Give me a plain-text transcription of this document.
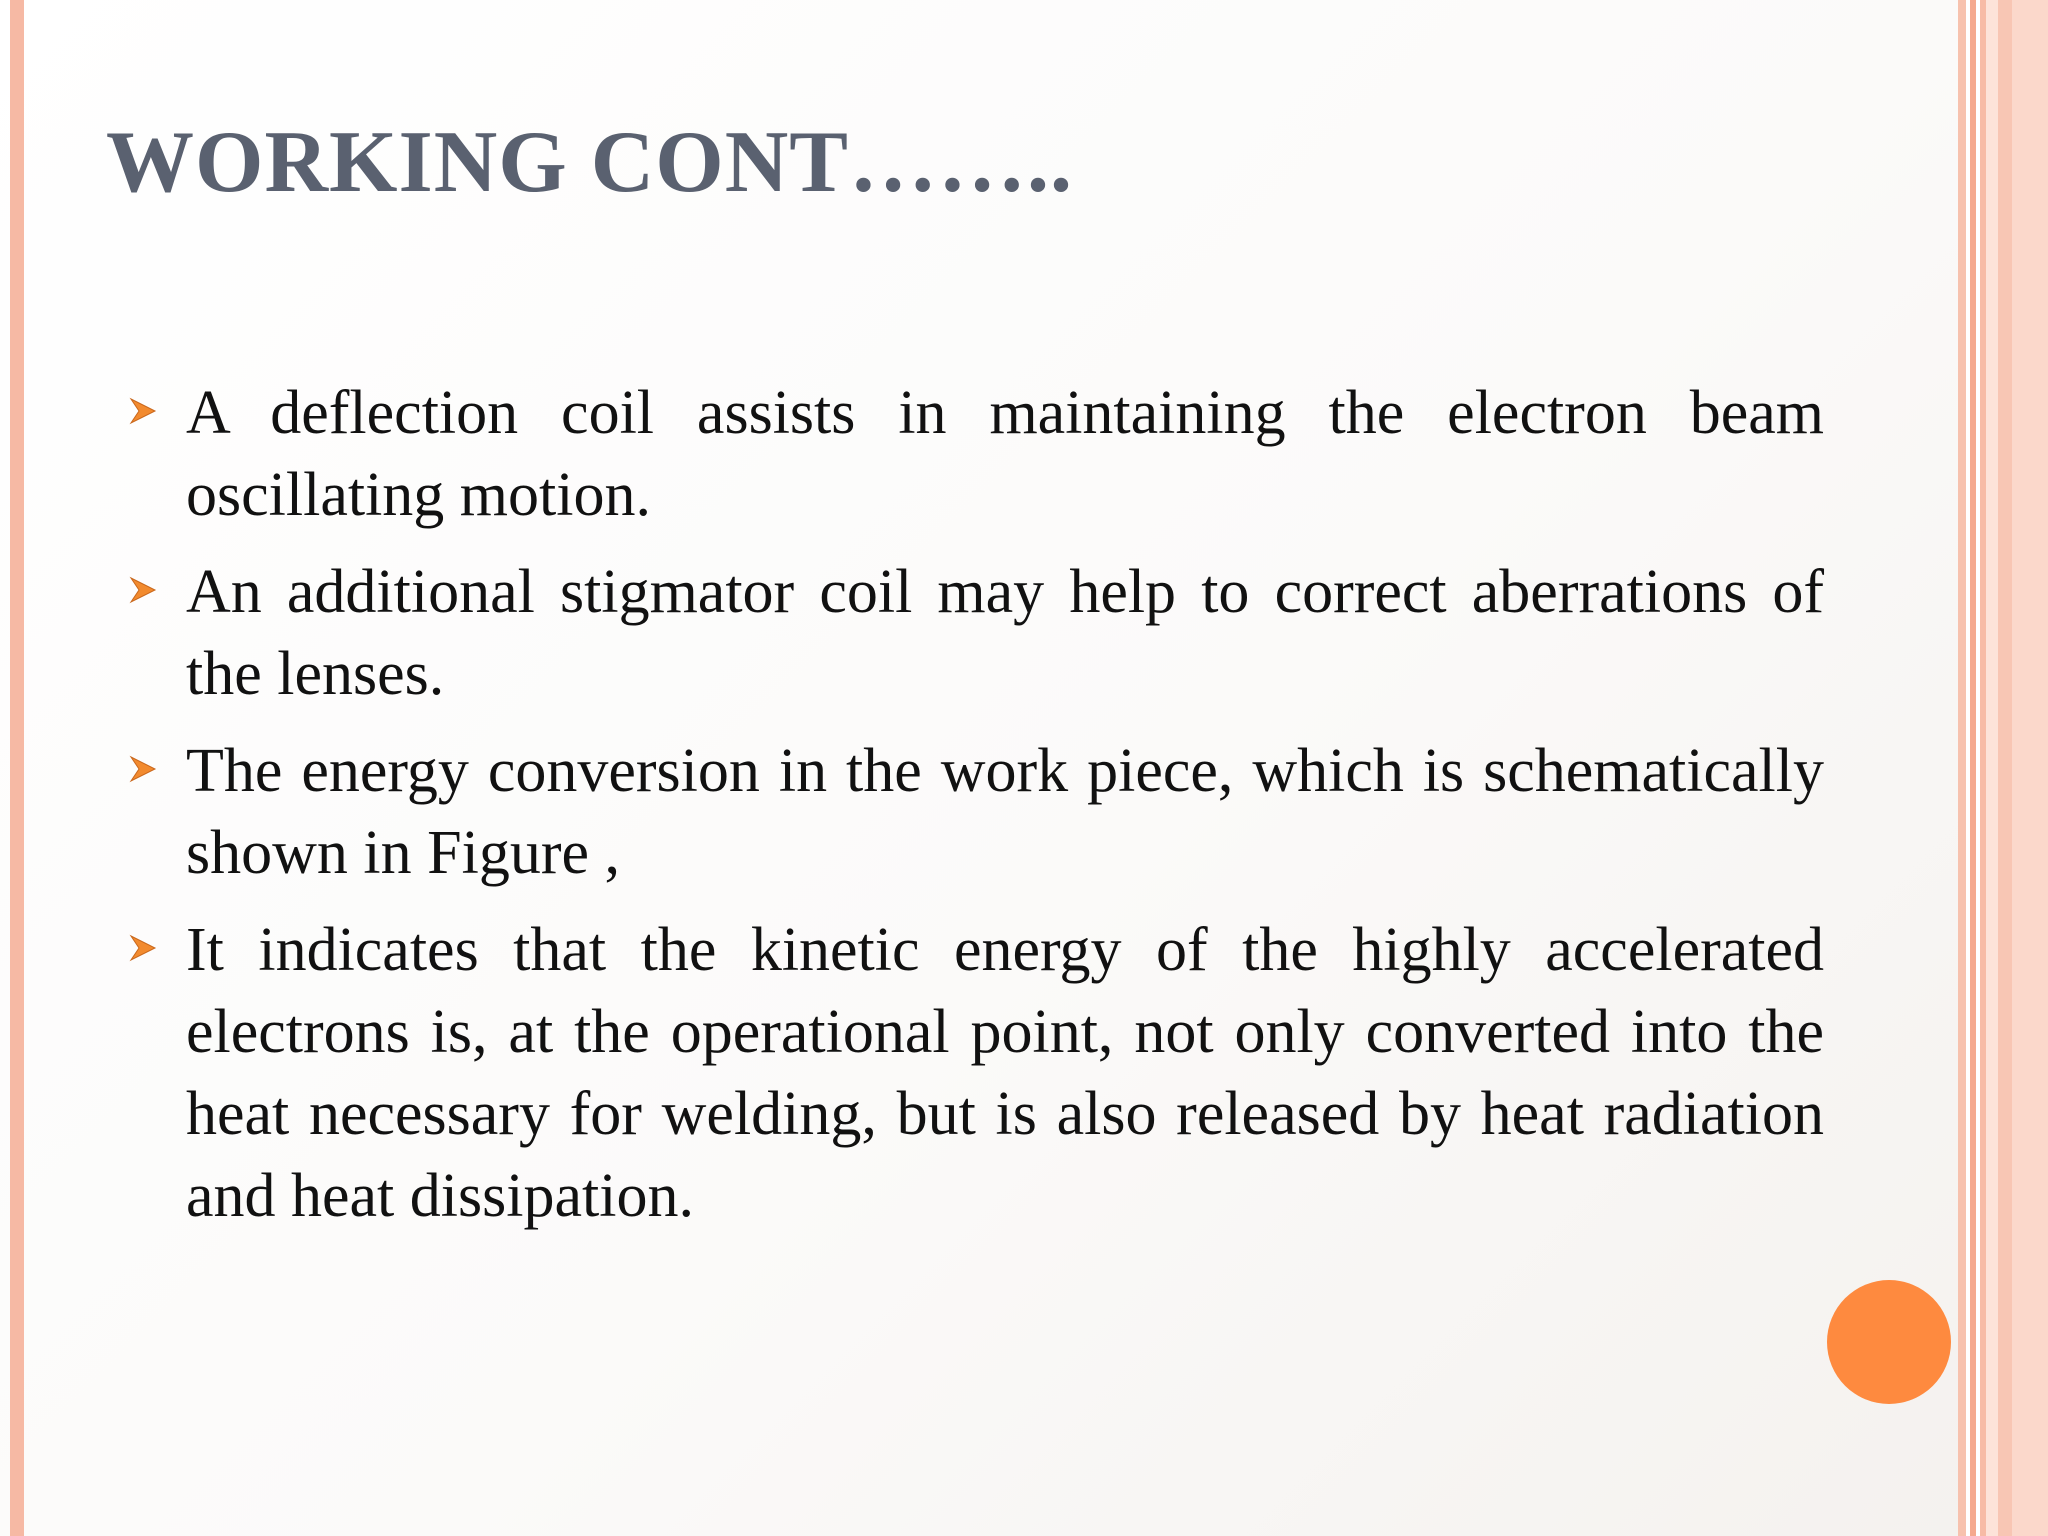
WORKING CONT……..
A deflection coil assists in maintaining the electron beam oscillating motion.
An additional stigmator coil may help to correct aberrations of the lenses.
The energy conversion in the work piece, which is schematically shown in Figure ,
It indicates that the kinetic energy of the highly accelerated electrons is, at the operational point, not only converted into the heat necessary for welding, but is also released by heat radiation and heat dissipation.
